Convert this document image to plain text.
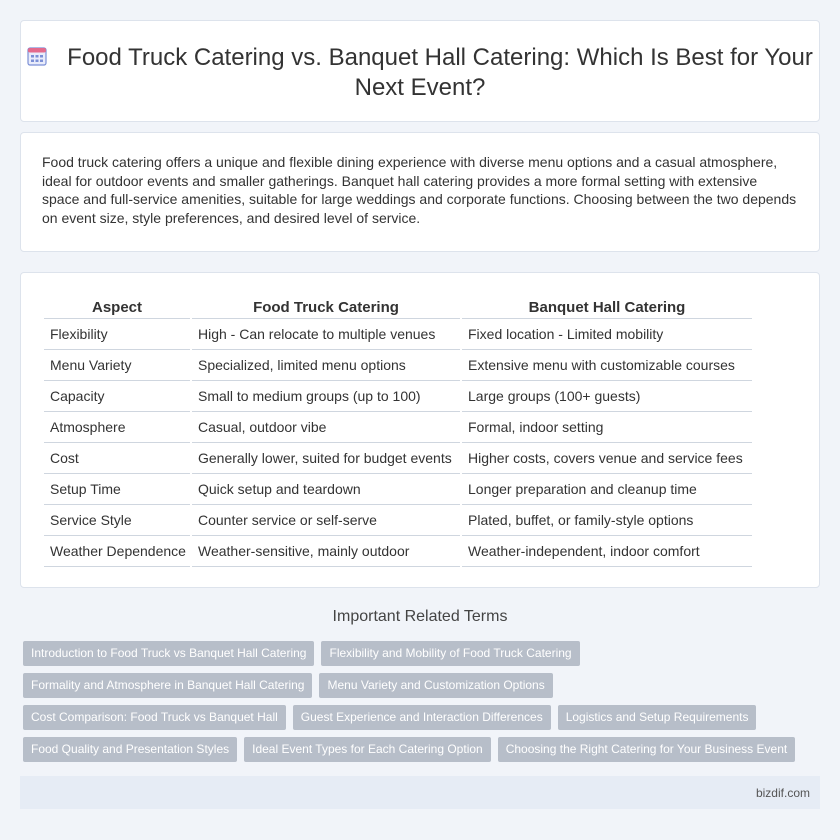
Food Truck Catering vs. Banquet Hall Catering: Which Is Best for Your Next Event?

Food truck catering offers a unique and flexible dining experience with diverse menu options and a casual atmosphere, ideal for outdoor events and smaller gatherings. Banquet hall catering provides a more formal setting with extensive space and full-service amenities, suitable for large weddings and corporate functions. Choosing between the two depends on event size, style preferences, and desired level of service.

Aspect	Food Truck Catering	Banquet Hall Catering
Flexibility	High - Can relocate to multiple venues	Fixed location - Limited mobility
Menu Variety	Specialized, limited menu options	Extensive menu with customizable courses
Capacity	Small to medium groups (up to 100)	Large groups (100+ guests)
Atmosphere	Casual, outdoor vibe	Formal, indoor setting
Cost	Generally lower, suited for budget events	Higher costs, covers venue and service fees
Setup Time	Quick setup and teardown	Longer preparation and cleanup time
Service Style	Counter service or self-serve	Plated, buffet, or family-style options
Weather Dependence	Weather-sensitive, mainly outdoor	Weather-independent, indoor comfort
Important Related Terms
Introduction to Food Truck vs Banquet Hall Catering Flexibility and Mobility of Food Truck Catering
Formality and Atmosphere in Banquet Hall Catering Menu Variety and Customization Options
Cost Comparison: Food Truck vs Banquet Hall Guest Experience and Interaction Differences Logistics and Setup Requirements
Food Quality and Presentation Styles Ideal Event Types for Each Catering Option Choosing the Right Catering for Your Business Event
bizdif.com
